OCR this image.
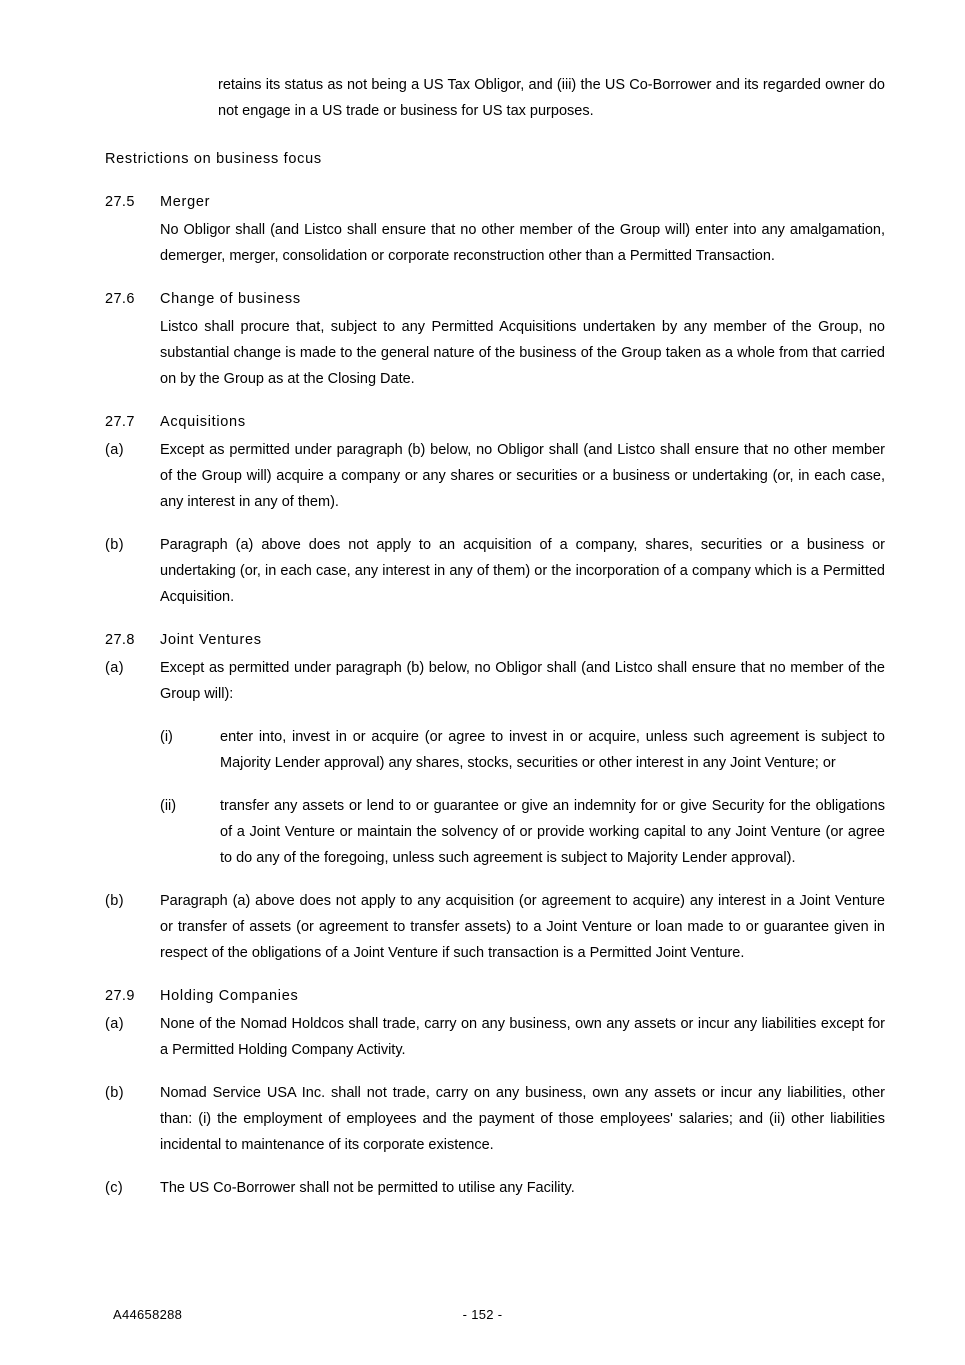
retains its status as not being a US Tax Obligor, and (iii) the US Co-Borrower and its regarded owner do not engage in a US trade or business for US tax purposes.
Restrictions on business focus
27.5	Merger
No Obligor shall (and Listco shall ensure that no other member of the Group will) enter into any amalgamation, demerger, merger, consolidation or corporate reconstruction other than a Permitted Transaction.
27.6	Change of business
Listco shall procure that, subject to any Permitted Acquisitions undertaken by any member of the Group, no substantial change is made to the general nature of the business of the Group taken as a whole from that carried on by the Group as at the Closing Date.
27.7	Acquisitions
(a)	Except as permitted under paragraph (b) below, no Obligor shall (and Listco shall ensure that no other member of the Group will) acquire a company or any shares or securities or a business or undertaking (or, in each case, any interest in any of them).
(b)	Paragraph (a) above does not apply to an acquisition of a company, shares, securities or a business or undertaking (or, in each case, any interest in any of them) or the incorporation of a company which is a Permitted Acquisition.
27.8	Joint Ventures
(a)	Except as permitted under paragraph (b) below, no Obligor shall (and Listco shall ensure that no member of the Group will):
(i)	enter into, invest in or acquire (or agree to invest in or acquire, unless such agreement is subject to Majority Lender approval) any shares, stocks, securities or other interest in any Joint Venture; or
(ii)	transfer any assets or lend to or guarantee or give an indemnity for or give Security for the obligations of a Joint Venture or maintain the solvency of or provide working capital to any Joint Venture (or agree to do any of the foregoing, unless such agreement is subject to Majority Lender approval).
(b)	Paragraph (a) above does not apply to any acquisition (or agreement to acquire) any interest in a Joint Venture or transfer of assets (or agreement to transfer assets) to a Joint Venture or loan made to or guarantee given in respect of the obligations of a Joint Venture if such transaction is a Permitted Joint Venture.
27.9	Holding Companies
(a)	None of the Nomad Holdcos shall trade, carry on any business, own any assets or incur any liabilities except for a Permitted Holding Company Activity.
(b)	Nomad Service USA Inc. shall not trade, carry on any business, own any assets or incur any liabilities, other than: (i) the employment of employees and the payment of those employees' salaries; and (ii) other liabilities incidental to maintenance of its corporate existence.
(c)	The US Co-Borrower shall not be permitted to utilise any Facility.
A44658288	- 152 -
